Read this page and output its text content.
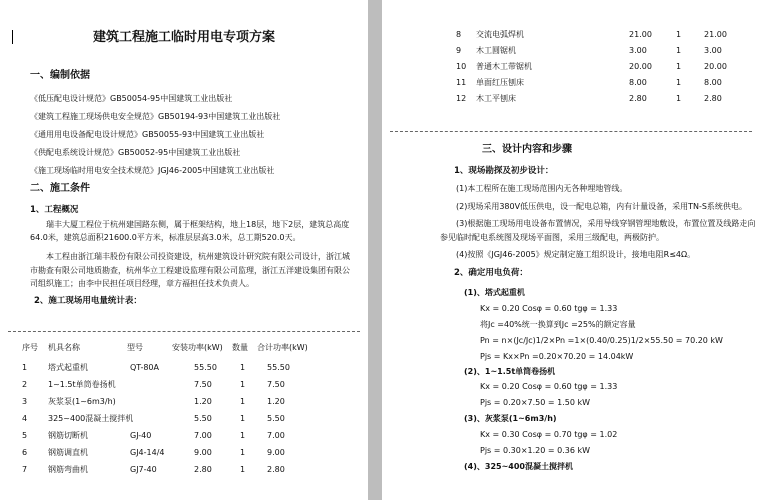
建筑工程施工临时用电专项方案
一、编制依据
《低压配电设计规范》GB50054-95中国建筑工业出版社
《建筑工程施工现场供电安全规范》GB50194-93中国建筑工业出版社
《通用用电设备配电设计规范》GB50055-93中国建筑工业出版社
《供配电系统设计规范》GB50052-95中国建筑工业出版社
《施工现场临时用电安全技术规范》JGJ46-2005中国建筑工业出版社
二、施工条件
1、工程概况
瑞丰大厦工程位于杭州建国路东侧，属于框架结构，地上18层，地下2层，建筑总高度64.0米，建筑总面积21600.0平方米，标准层层高3.0米，总工期520.0天。
本工程由浙江瑞丰股份有限公司投资建设，杭州建筑设计研究院有限公司设计，浙江城市勘查有限公司地质勘查，杭州华立工程建设监理有限公司监理，浙江五洋建设集团有限公司组织施工；由李中民担任项目经理，章方福担任技术负责人。
2、施工现场用电量统计表：
序号 机具名称	型号	安装功率(kW) 数量 合计功率(kW)
1	塔式起重机	QT-80A	55.50	1	55.50
2	1~1.5t单筒卷扬机	7.50	1	7.50
3	灰浆泵(1~6m3/h)	1.20	1	1.20
4	325~400混凝土搅拌机	5.50	1	5.50
5	钢筋切断机	GJ-40	7.00	1	7.00
6	钢筋调直机	GJ4-14/4	9.00	1	9.00
7	钢筋弯曲机	GJ7-40	2.80	1	2.80
8 交流电弧焊机	21.00	1	21.00
9 木工圆锯机	3.00	1	3.00
10 普通木工带锯机	20.00	1	20.00
11 单面红压刨床	8.00	1	8.00
12 木工平刨床	2.80	1	2.80
三、设计内容和步骤
1、现场勘探及初步设计：
(1)本工程所在施工现场范围内无各种埋地管线。
(2)现场采用380V低压供电，设一配电总箱，内有计量设备，采用TN-S系统供电。
(3)根据施工现场用电设备布置情况，采用导线穿钢管埋地敷设，布置位置及线路走向参见临时配电系统图及现场平面图，采用三级配电，两极防护。
(4)按照《JGJ46-2005》规定制定施工组织设计，接地电阻R≤4Ω。
2、确定用电负荷：
(1)、塔式起重机
Kx = 0.20 Cosφ = 0.60 tgφ = 1.33
将Jc =40%统一换算到Jc =25%的额定容量
Pn = n×(Jc/Jc)1/2×Pn =1×(0.40/0.25)1/2×55.50 = 70.20 kW
Pjs = Kx×Pn =0.20×70.20 = 14.04kW
(2)、1~1.5t单筒卷扬机
Kx = 0.20 Cosφ = 0.60 tgφ = 1.33
Pjs = 0.20×7.50 = 1.50 kW
(3)、灰浆泵(1~6m3/h)
Kx = 0.30 Cosφ = 0.70 tgφ = 1.02
Pjs = 0.30×1.20 = 0.36 kW
(4)、325~400混凝土搅拌机
